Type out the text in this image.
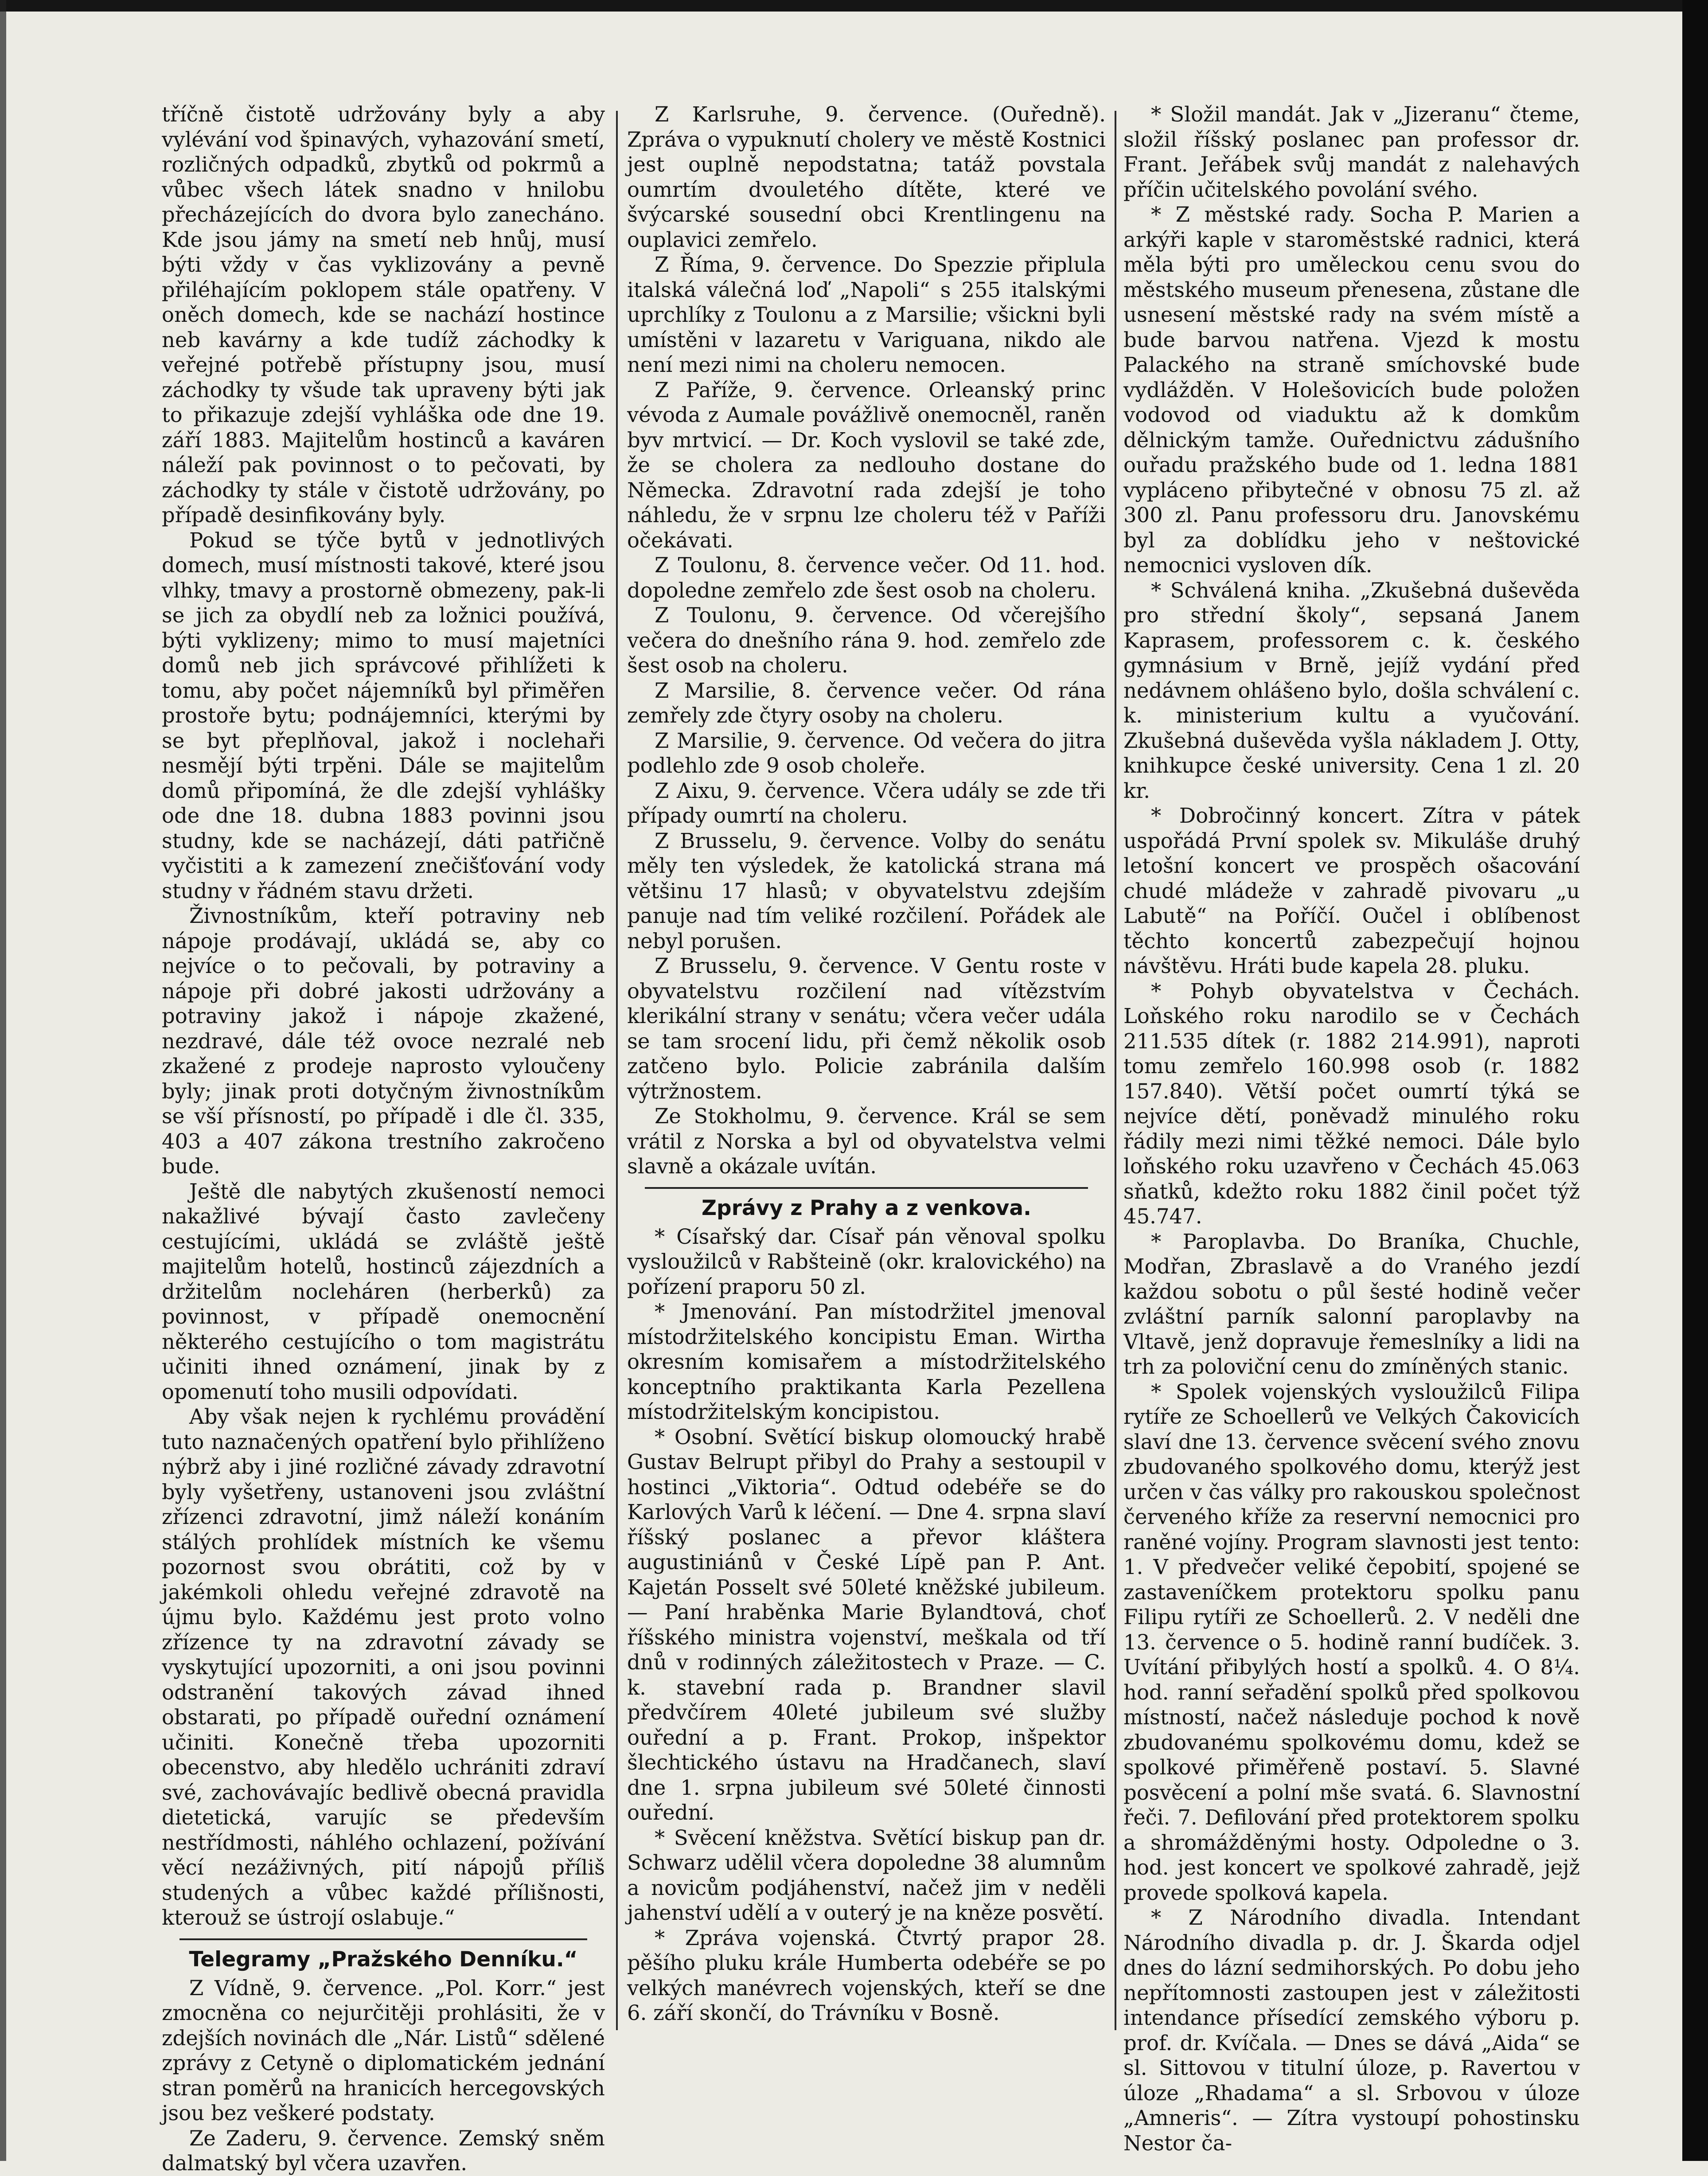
tříčně čistotě udržovány byly a aby vylévání vod špinavých, vyhazování smetí, rozličných odpadků, zbytků od pokrmů a vůbec všech látek snadno v hnilobu přecházejících do dvora bylo zanecháno. Kde jsou jámy na smetí neb hnůj, musí býti vždy v čas vyklizovány a pevně přiléhajícím poklopem stále opatřeny. V oněch domech, kde se nachází hostince neb kavárny a kde tudíž záchodky k veřejné potřebě přístupny jsou, musí záchodky ty všude tak upraveny býti jak to přikazuje zdejší vyhláška ode dne 19. září 1883. Majitelům hostinců a kaváren náleží pak povinnost o to pečovati, by záchodky ty stále v čistotě udržovány, po případě desinfikovány byly.

Pokud se týče bytů v jednotlivých domech, musí místnosti takové, které jsou vlhky, tmavy a prostorně obmezeny, pak-li se jich za obydlí neb za ložnici používá, býti vyklizeny; mimo to musí majetníci domů neb jich správcové přihlížeti k tomu, aby počet nájemníků byl přiměřen prostoře bytu; podnájemníci, kterými by se byt přeplňoval, jakož i noclehaři nesmějí býti trpěni. Dále se majitelům domů připomíná, že dle zdejší vyhlášky ode dne 18. dubna 1883 povinni jsou studny, kde se nacházejí, dáti patřičně vyčistiti a k zamezení znečišťování vody studny v řádném stavu držeti.

Živnostníkům, kteří potraviny neb nápoje prodávají, ukládá se, aby co nejvíce o to pečovali, by potraviny a nápoje při dobré jakosti udržovány a potraviny jakož i nápoje zkažené, nezdravé, dále též ovoce nezralé neb zkažené z prodeje naprosto vyloučeny byly; jinak proti dotyčným živnostníkům se vší přísností, po případě i dle čl. 335, 403 a 407 zákona trestního zakročeno bude.

Ještě dle nabytých zkušeností nemoci nakažlivé bývají často zavlečeny cestujícími, ukládá se zvláště ještě majitelům hotelů, hostinců zájezdních a držitelům nocleháren (herberků) za povinnost, v případě onemocnění některého cestujícího o tom magistrátu učiniti ihned oznámení, jinak by z opomenutí toho musili odpovídati.

Aby však nejen k rychlému provádění tuto naznačených opatření bylo přihlíženo nýbrž aby i jiné rozličné závady zdravotní byly vyšetřeny, ustanoveni jsou zvláštní zřízenci zdravotní, jimž náleží konáním stálých prohlídek místních ke všemu pozornost svou obrátiti, což by v jakémkoli ohledu veřejné zdravotě na újmu bylo. Každému jest proto volno zřízence ty na zdravotní závady se vyskytující upozorniti, a oni jsou povinni odstranění takových závad ihned obstarati, po případě ouřední oznámení učiniti. Konečně třeba upozorniti obecenstvo, aby hledělo uchrániti zdraví své, zachovávajíc bedlivě obecná pravidla dietetická, varujíc se především nestřídmosti, náhlého ochlazení, požívání věcí nezáživných, pití nápojů příliš studených a vůbec každé přílišnosti, kterouž se ústrojí oslabuje.“

Telegramy „Pražského Denníku.“

Z Vídně, 9. července. „Pol. Korr.“ jest zmocněna co nejurčitěji prohlásiti, že v zdejších novinách dle „Nár. Listů“ sdělené zprávy z Cetyně o diplomatickém jednání stran poměrů na hranicích hercegovských jsou bez veškeré podstaty.

Ze Zaderu, 9. července. Zemský sněm dalmatský byl včera uzavřen.

Z Karlsruhe, 9. července. (Ouředně). Zpráva o vypuknutí cholery ve městě Kostnici jest ouplně nepodstatna; tatáž povstala oumrtím dvouletého dítěte, které ve švýcarské sousední obci Krentlingenu na ouplavici zemřelo.

Z Říma, 9. července. Do Spezzie připlula italská válečná loď „Napoli“ s 255 italskými uprchlíky z Toulonu a z Marsilie; všickni byli umístěni v lazaretu v Variguana, nikdo ale není mezi nimi na choleru nemocen.

Z Paříže, 9. července. Orleanský princ vévoda z Aumale povážlivě onemocněl, raněn byv mrtvicí. — Dr. Koch vyslovil se také zde, že se cholera za nedlouho dostane do Německa. Zdravotní rada zdejší je toho náhledu, že v srpnu lze choleru též v Paříži očekávati.

Z Toulonu, 8. července večer. Od 11. hod. dopoledne zemřelo zde šest osob na choleru.

Z Toulonu, 9. července. Od včerejšího večera do dnešního rána 9. hod. zemřelo zde šest osob na choleru.

Z Marsilie, 8. července večer. Od rána zemřely zde čtyry osoby na choleru.

Z Marsilie, 9. července. Od večera do jitra podlehlo zde 9 osob choleře.

Z Aixu, 9. července. Včera udály se zde tři případy oumrtí na choleru.

Z Brusselu, 9. července. Volby do senátu měly ten výsledek, že katolická strana má většinu 17 hlasů; v obyvatelstvu zdejším panuje nad tím veliké rozčilení. Pořádek ale nebyl porušen.

Z Brusselu, 9. července. V Gentu roste v obyvatelstvu rozčilení nad vítězstvím klerikální strany v senátu; včera večer udála se tam srocení lidu, při čemž několik osob zatčeno bylo. Policie zabránila dalším výtržnostem.

Ze Stokholmu, 9. července. Král se sem vrátil z Norska a byl od obyvatelstva velmi slavně a okázale uvítán.

Zprávy z Prahy a z venkova.

* Císařský dar. Císař pán věnoval spolku vysloužilců v Rabšteině (okr. kralovického) na pořízení praporu 50 zl.

* Jmenování. Pan místodržitel jmenoval místodržitelského koncipistu Eman. Wirtha okresním komisařem a místodržitelského konceptního praktikanta Karla Pezellena místodržitelským koncipistou.

* Osobní. Světící biskup olomoucký hrabě Gustav Belrupt přibyl do Prahy a sestoupil v hostinci „Viktoria“. Odtud odebéře se do Karlových Varů k léčení. — Dne 4. srpna slaví říšský poslanec a převor kláštera augustiniánů v České Lípě pan P. Ant. Kajetán Posselt své 50leté kněžské jubileum. — Paní hraběnka Marie Bylandtová, choť říšského ministra vojenství, meškala od tří dnů v rodinných záležitostech v Praze. — C. k. stavební rada p. Brandner slavil předvčírem 40leté jubileum své služby ouřední a p. Frant. Prokop, inšpektor šlechtického ústavu na Hradčanech, slaví dne 1. srpna jubileum své 50leté činnosti ouřední.

* Svěcení kněžstva. Světící biskup pan dr. Schwarz udělil včera dopoledne 38 alumnům a novicům podjáhenství, načež jim v neděli jahenství udělí a v outerý je na kněze posvětí.

* Zpráva vojenská. Čtvrtý prapor 28. pěšího pluku krále Humberta odebéře se po velkých manévrech vojenských, kteří se dne 6. září skončí, do Trávníku v Bosně.

* Složil mandát. Jak v „Jizeranu“ čteme, složil říšský poslanec pan professor dr. Frant. Jeřábek svůj mandát z nalehavých příčin učitelského povolání svého.

* Z městské rady. Socha P. Marien a arkýři kaple v staroměstské radnici, která měla býti pro uměleckou cenu svou do městského museum přenesena, zůstane dle usnesení městské rady na svém místě a bude barvou natřena. Vjezd k mostu Palackého na straně smíchovské bude vydlážděn. V Holešovicích bude položen vodovod od viaduktu až k domkům dělnickým tamže. Ouřednictvu zádušního ouřadu pražského bude od 1. ledna 1881 vypláceno přibytečné v obnosu 75 zl. až 300 zl. Panu professoru dru. Janovskému byl za doblídku jeho v neštovické nemocnici vysloven dík.

* Schválená kniha. „Zkušebná duševěda pro střední školy“, sepsaná Janem Kaprasem, professorem c. k. českého gymnásium v Brně, jejíž vydání před nedávnem ohlášeno bylo, došla schválení c. k. ministerium kultu a vyučování. Zkušebná duševěda vyšla nákladem J. Otty, knihkupce české university. Cena 1 zl. 20 kr.

* Dobročinný koncert. Zítra v pátek uspořádá První spolek sv. Mikuláše druhý letošní koncert ve prospěch ošacování chudé mládeže v zahradě pivovaru „u Labutě“ na Poříčí. Oučel i oblíbenost těchto koncertů zabezpečují hojnou návštěvu. Hráti bude kapela 28. pluku.

* Pohyb obyvatelstva v Čechách. Loňského roku narodilo se v Čechách 211.535 dítek (r. 1882 214.991), naproti tomu zemřelo 160.998 osob (r. 1882 157.840). Větší počet oumrtí týká se nejvíce dětí, poněvadž minulého roku řádily mezi nimi těžké nemoci. Dále bylo loňského roku uzavřeno v Čechách 45.063 sňatků, kdežto roku 1882 činil počet týž 45.747.

* Paroplavba. Do Braníka, Chuchle, Modřan, Zbraslavě a do Vraného jezdí každou sobotu o půl šesté hodině večer zvláštní parník salonní paroplavby na Vltavě, jenž dopravuje řemeslníky a lidi na trh za poloviční cenu do zmíněných stanic.

* Spolek vojenských vysloužilců Filipa rytíře ze Schoellerů ve Velkých Čakovicích slaví dne 13. července svěcení svého znovu zbudovaného spolkového domu, kterýž jest určen v čas války pro rakouskou společnost červeného kříže za reservní nemocnici pro raněné vojíny. Program slavnosti jest tento: 1. V předvečer veliké čepobití, spojené se zastaveníčkem protektoru spolku panu Filipu rytíři ze Schoellerů. 2. V neděli dne 13. července o 5. hodině ranní budíček. 3. Uvítání přibylých hostí a spolků. 4. O 8¼. hod. ranní seřadění spolků před spolkovou místností, načež následuje pochod k nově zbudovanému spolkovému domu, kdež se spolkové přiměřeně postaví. 5. Slavné posvěcení a polní mše svatá. 6. Slavnostní řeči. 7. Defilování před protektorem spolku a shromážděnými hosty. Odpoledne o 3. hod. jest koncert ve spolkové zahradě, jejž provede spolková kapela.

* Z Národního divadla. Intendant Národního divadla p. dr. J. Škarda odjel dnes do lázní sedmihorských. Po dobu jeho nepřítomnosti zastoupen jest v záležitosti intendance přísedící zemského výboru p. prof. dr. Kvíčala. — Dnes se dává „Aida“ se sl. Sittovou v titulní úloze, p. Ravertou v úloze „Rhadama“ a sl. Srbovou v úloze „Amneris“. — Zítra vystoupí pohostinsku Nestor ča-
